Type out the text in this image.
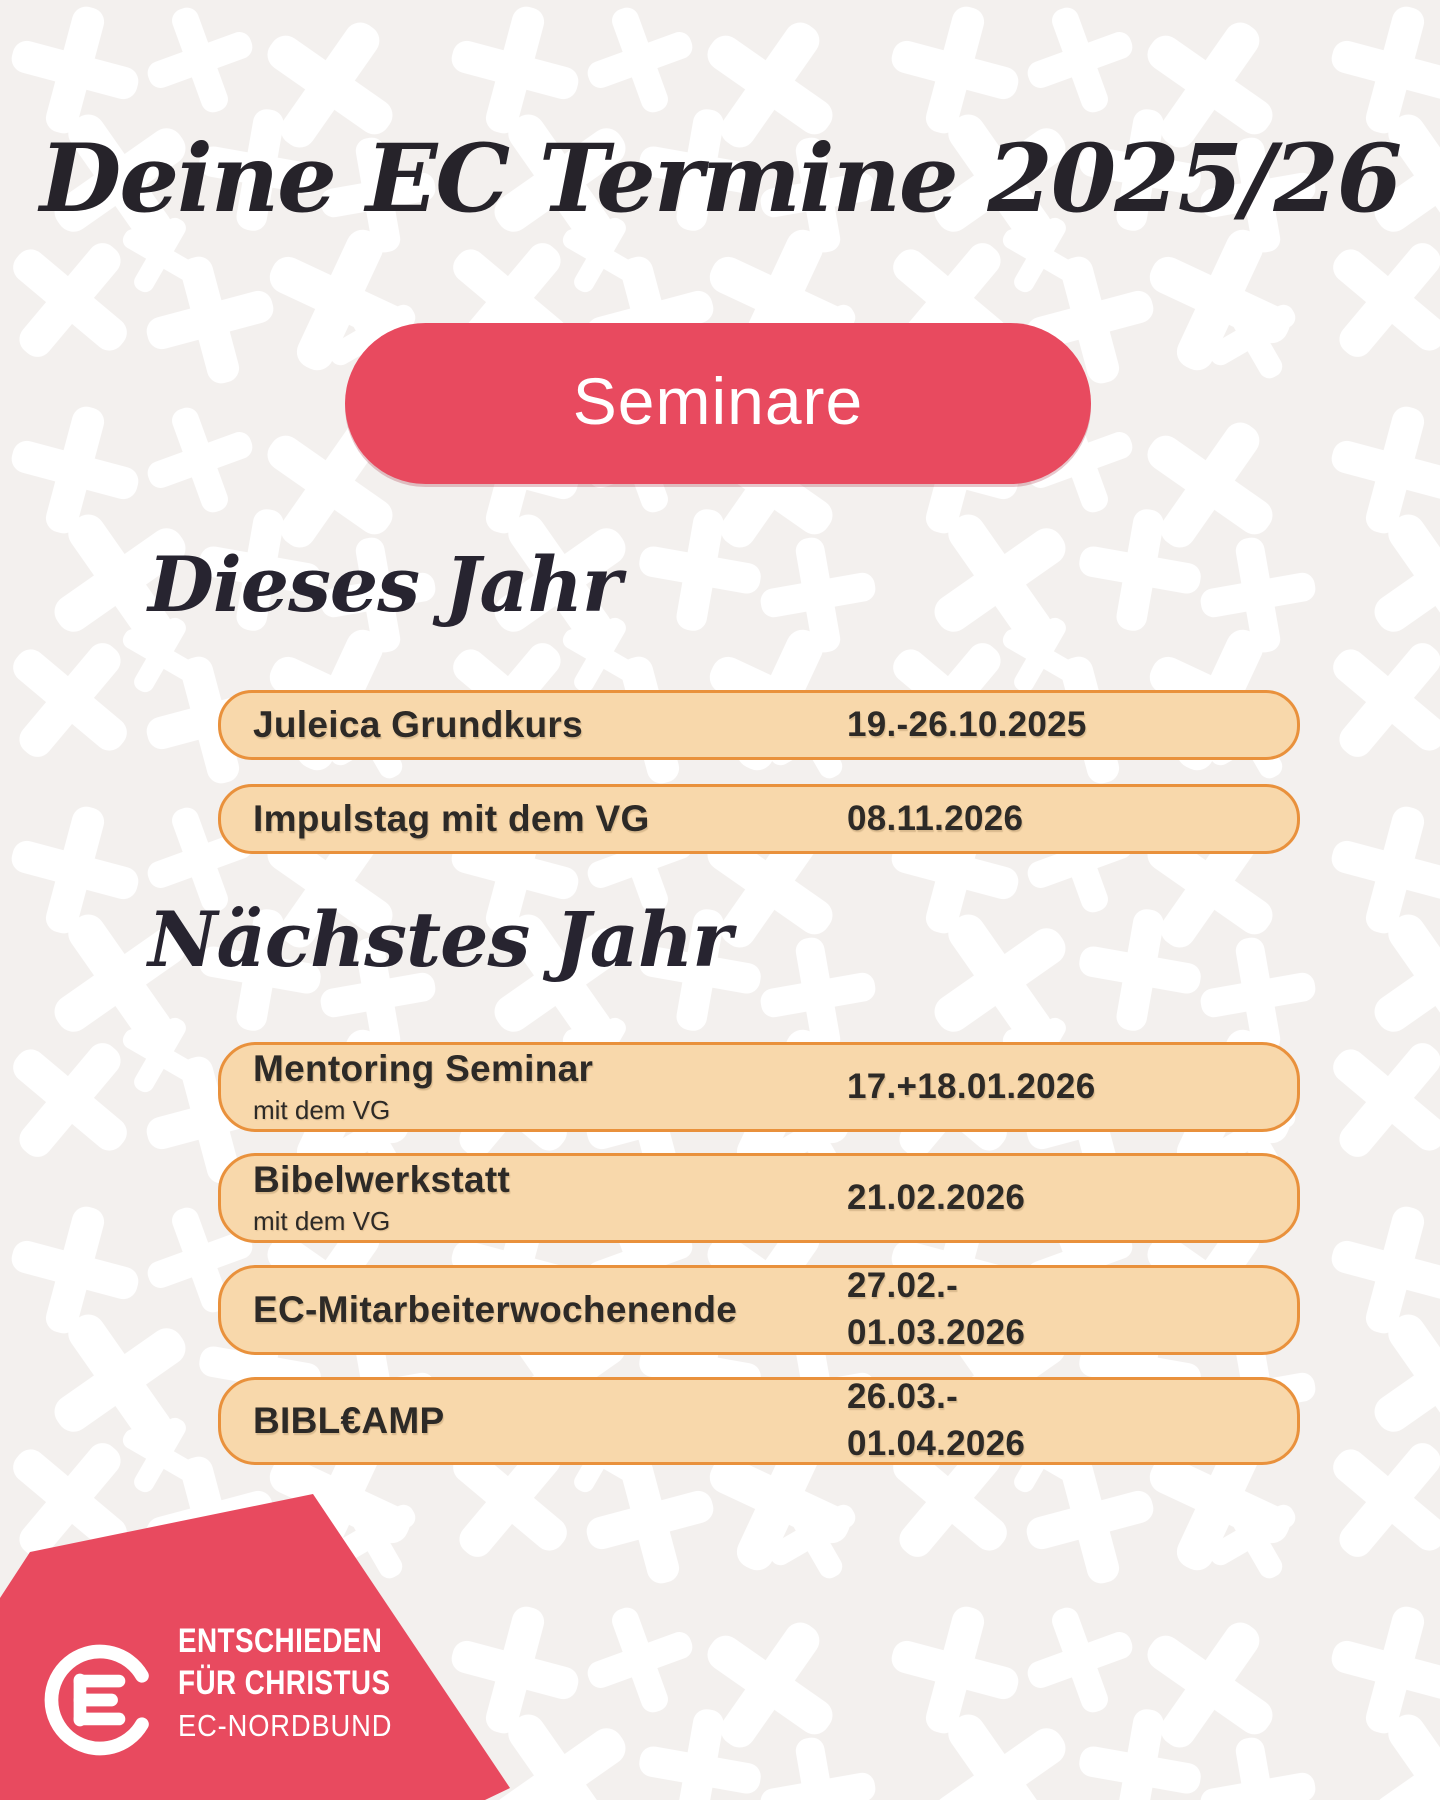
Deine EC Termine 2025/26
Seminare
Dieses Jahr
Juleica Grundkurs	19.-26.10.2025
Impulstag mit dem VG	08.11.2026
Nächstes Jahr
Mentoring Seminar
mit dem VG
17.+18.01.2026
Bibelwerkstatt
mit dem VG
21.02.2026
EC-Mitarbeiterwochenende
27.02.-
01.03.2026
BIBL€AMP
26.03.-
01.04.2026
ENTSCHIEDEN
FÜR CHRISTUS
EC-NORDBUND
